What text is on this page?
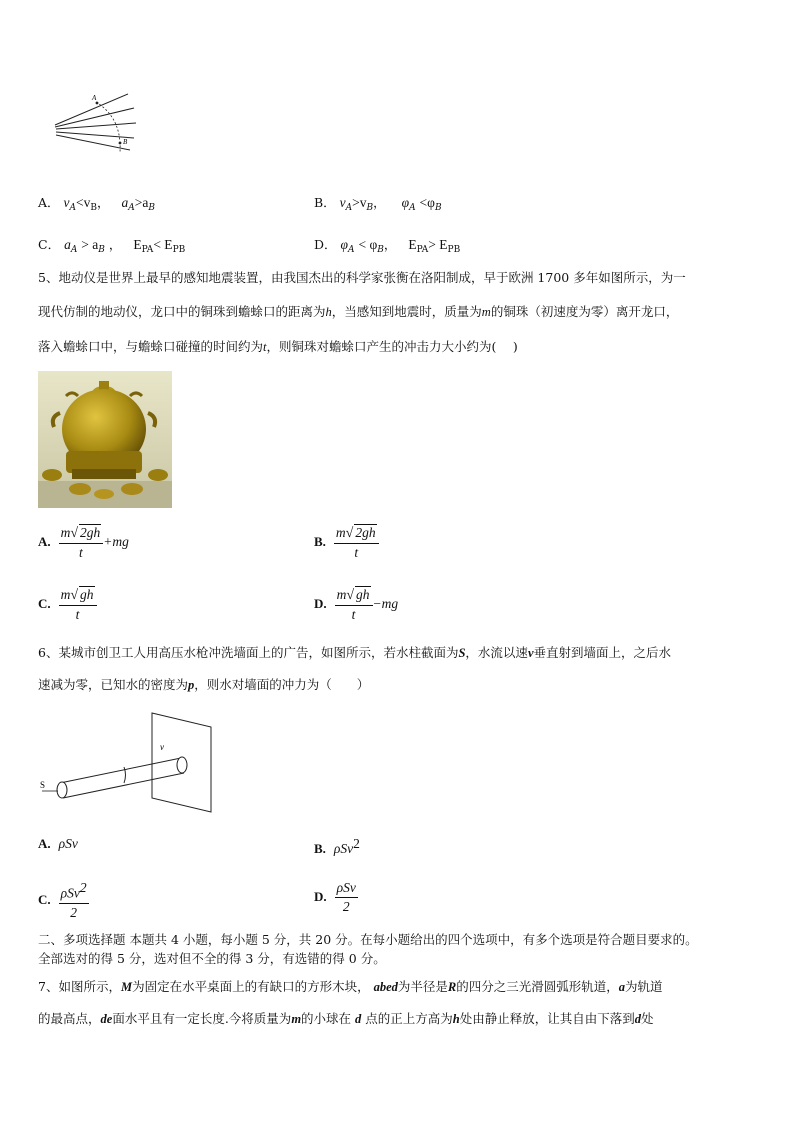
A
B
A． $v_A<v_B$， $a_A>a_B$	B． $v_A>v_B$， $\varphi_A <\varphi_B$
C． $a_A > a_B$ ， $E_{PA}< E_{PB}$	D． $\varphi_A < \varphi_B$， $E_{PA}> E_{PB}$
5、地动仪是世界上最早的感知地震装置，由我国杰出的科学家张衡在洛阳制成，早于欧洲 1700 多年如图所示，为一
现代仿制的地动仪，龙口中的铜珠到蟾蜍口的距离为h，当感知到地震时，质量为m的铜珠（初速度为零）离开龙口，
落入蟾蜍口中，与蟾蜍口碰撞的时间约为t，则铜珠对蟾蜍口产生的冲击力大小约为(　 )
A. $\frac{m√ 2gh}{t} +mg$	B. $\frac{m√ 2gh}{t}$
C. $\frac{m√ gh}{t}$	D. $\frac{m√ gh}{t} -mg$
6、某城市创卫工人用高压水枪冲洗墙面上的广告，如图所示，若水柱截面为S，水流以速v垂直射到墙面上，之后水
速减为零，已知水的密度为p，则水对墙面的冲力为（　　）
S
v
A. ρSv	B. ρSv$^2$
C. $\frac{\rho Sv^2}{2}$	D. $\frac{\text{ρSv}}{2}$
二、多项选择题 本题共 4 小题，每小题 5 分，共 20 分。在每小题给出的四个选项中，有多个选项是符合题目要求的。
全部选对的得 5 分，选对但不全的得 3 分，有选错的得 0 分。
7、如图所示，M为固定在水平桌面上的有缺口的方形木块， abed为半径是R的四分之三光滑圆弧形轨道，a为轨道
的最高点，de面水平且有一定长度.今将质量为m的小球在 d 点的正上方高为h处由静止释放，让其自由下落到d处
